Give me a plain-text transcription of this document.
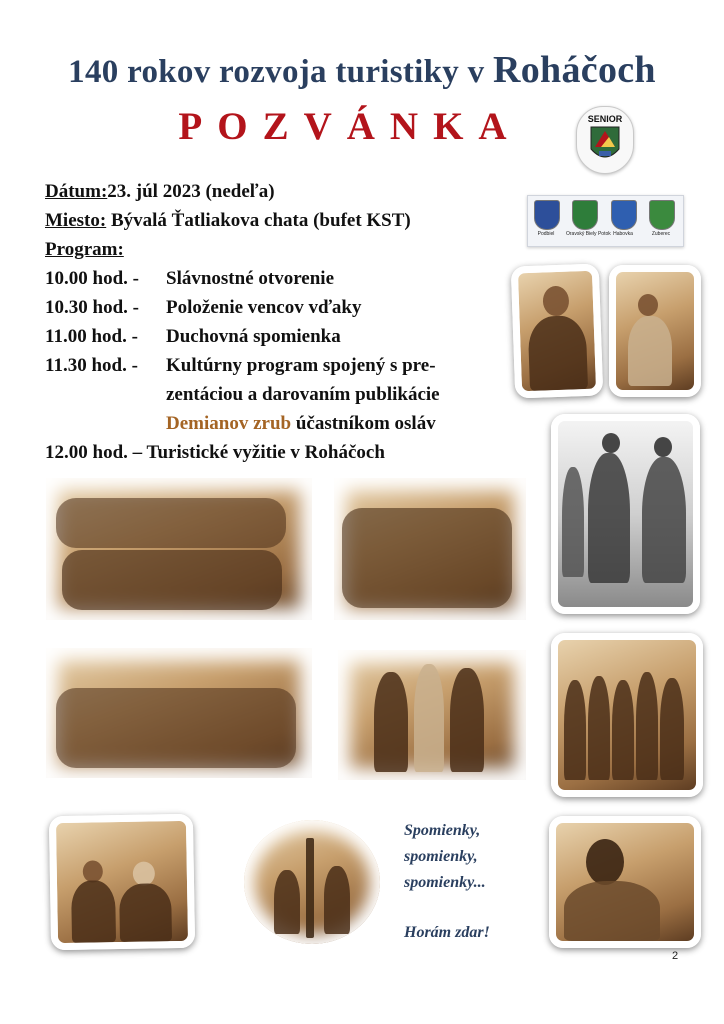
140 rokov rozvoja turistiky v Roháčoch
POZVÁNKA	SENIOR
Dátum:23. júl 2023 (nedeľa)
Miesto: Bývalá Ťatliakova chata (bufet KST)
Program:
10.00 hod. - Slávnostné otvorenie
10.30 hod. - Položenie vencov vďaky
11.00 hod. - Duchovná spomienka
11.30 hod. - Kultúrny program spojený s pre-
zentáciou a darovaním publikácie
Demianov zrub účastníkom osláv
12.00 hod. – Turistické vyžitie v Roháčoch
Podbiel	Oravský Biely Potok Habovka	Zuberec
Spomienky,
spomienky,
spomienky...
Horám zdar!
2
